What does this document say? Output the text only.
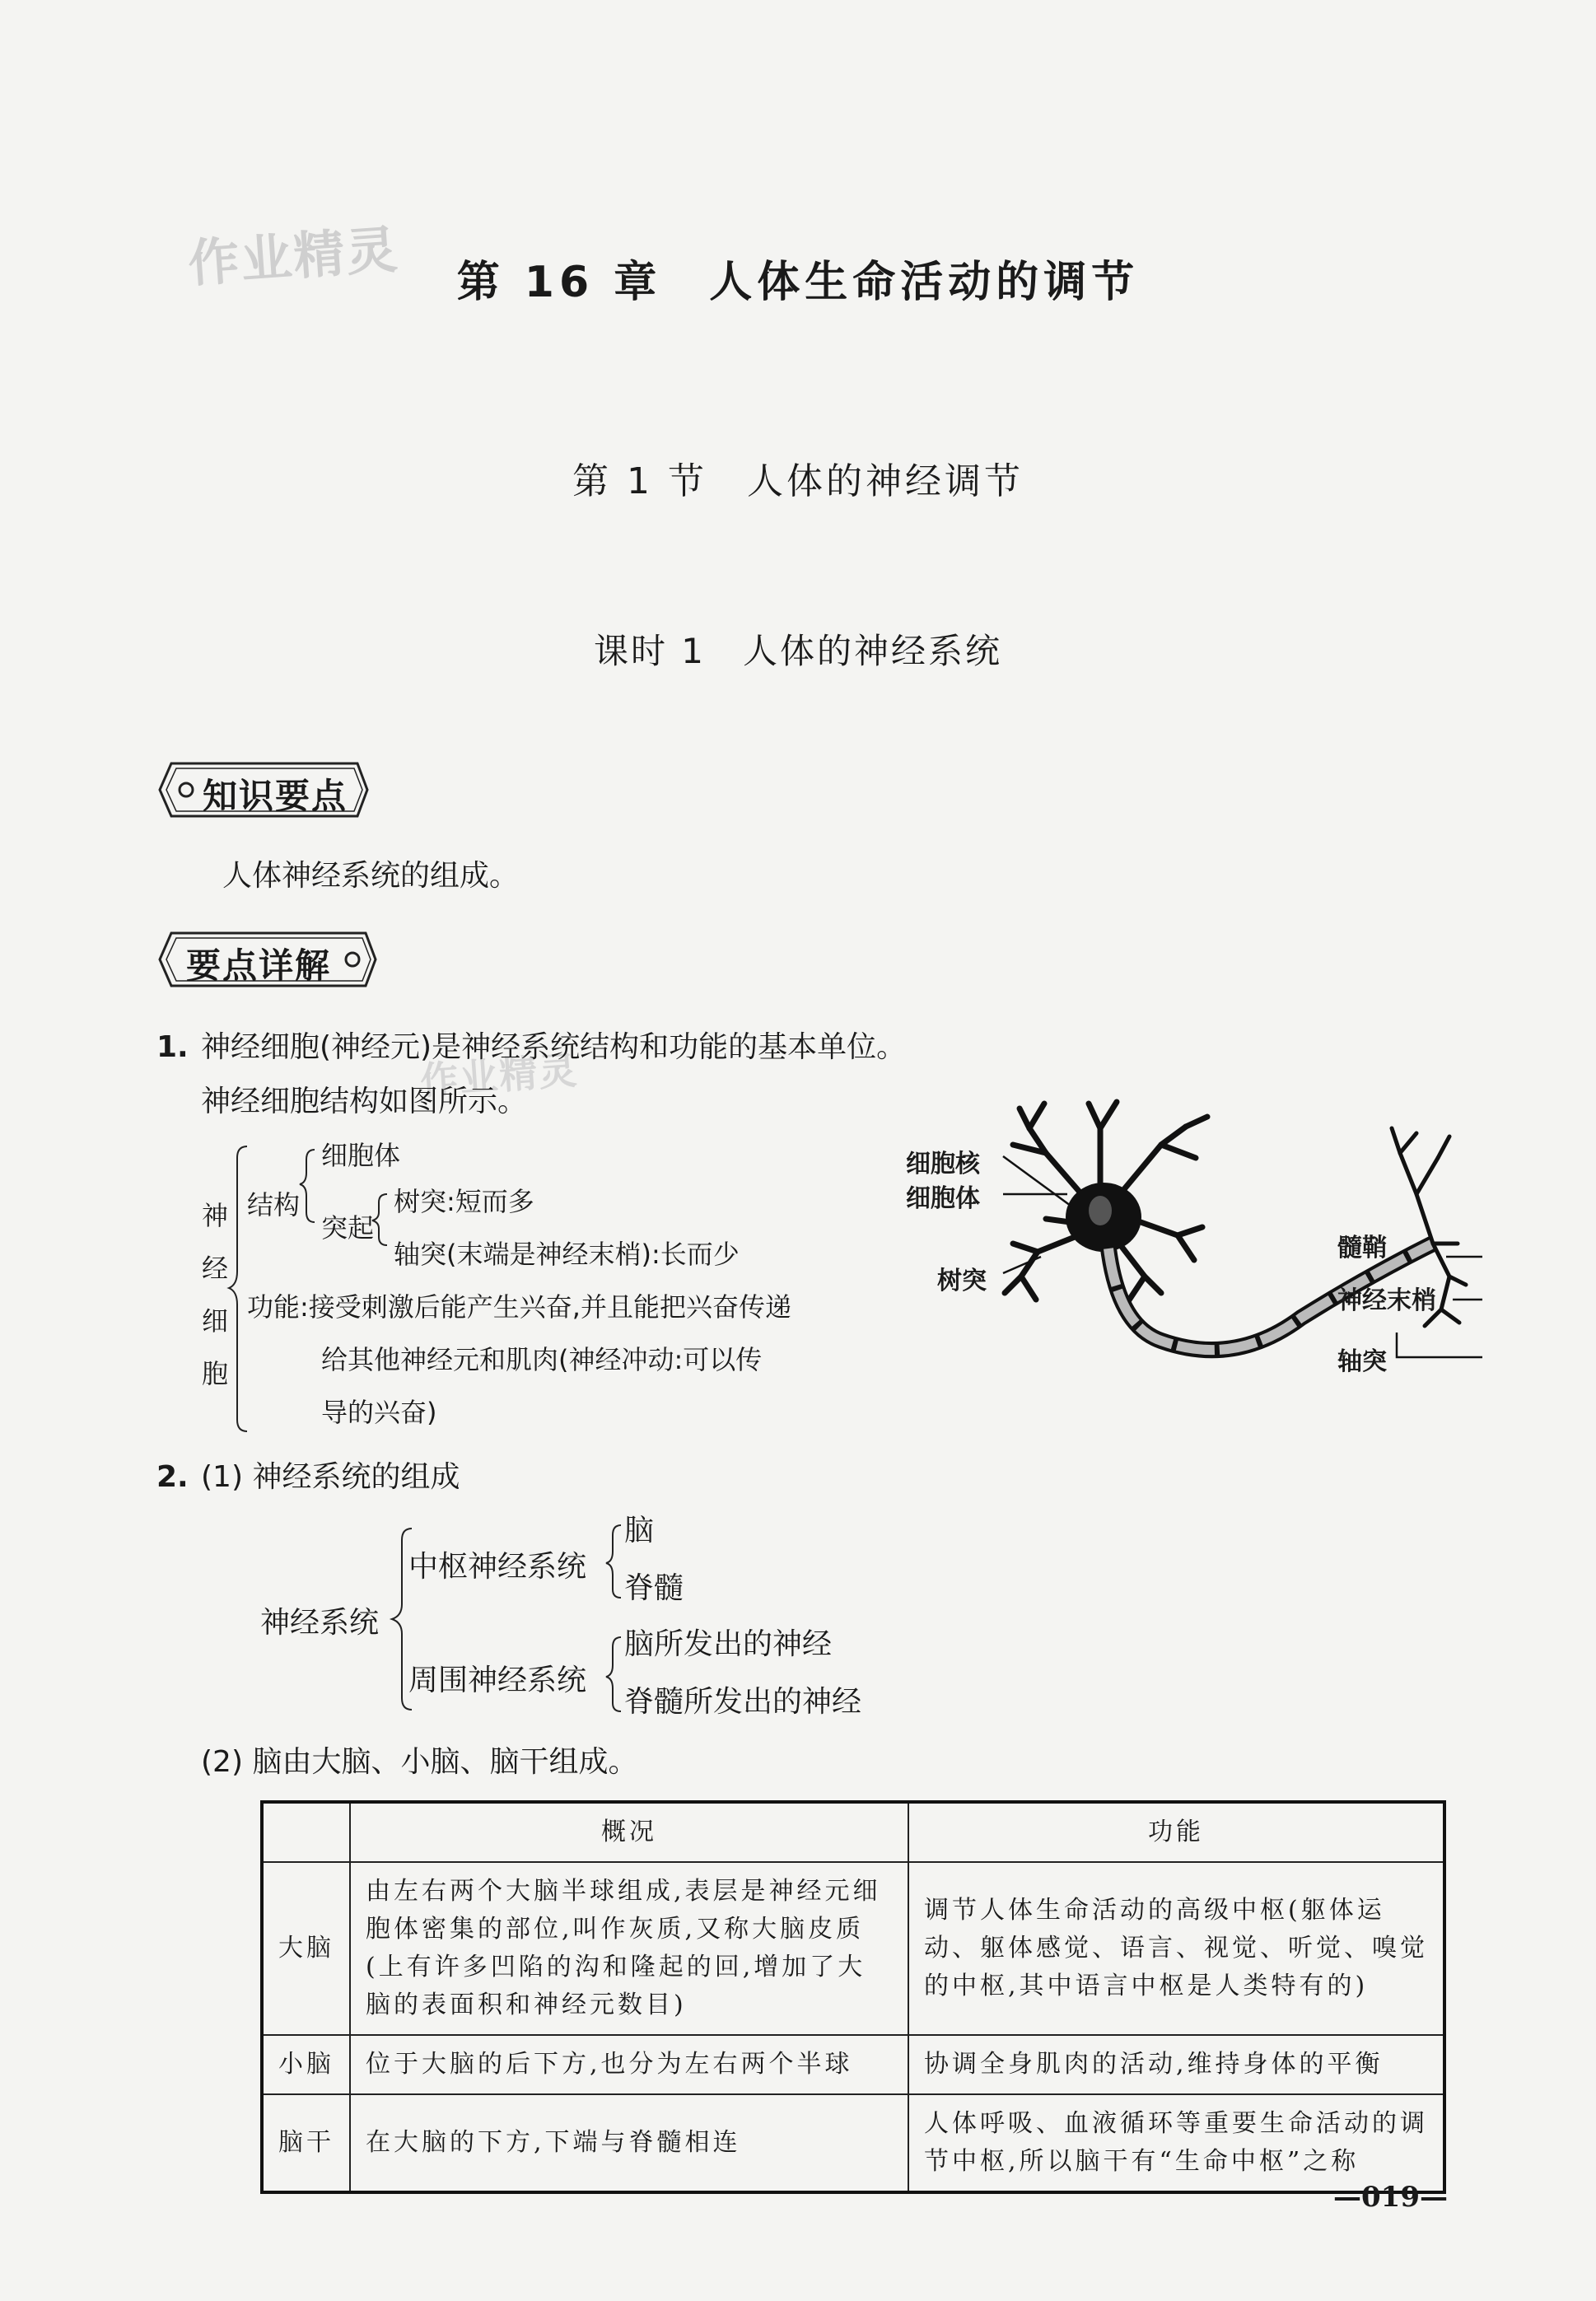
作业精灵
作业精灵
第 16 章　人体生命活动的调节
第 1 节　人体的神经调节
课时 1　人体的神经系统
知识要点
人体神经系统的组成。
要点详解
1. 神经细胞(神经元)是神经系统结构和功能的基本单位。
神经细胞结构如图所示。
神
经
细
胞
结构
细胞体
突起
树突:短而多
轴突(末端是神经末梢):长而少
功能:接受刺激后能产生兴奋,并且能把兴奋传递
给其他神经元和肌肉(神经冲动:可以传
导的兴奋)
细胞核
细胞体
树突
髓鞘
神经末梢
轴突
2. (1) 神经系统的组成
神经系统
中枢神经系统
脑
脊髓
周围神经系统
脑所发出的神经
脊髓所发出的神经
(2) 脑由大脑、小脑、脑干组成。
	概况	功能
大脑	由左右两个大脑半球组成,表层是神经元细胞体密集的部位,叫作灰质,又称大脑皮质(上有许多凹陷的沟和隆起的回,增加了大脑的表面积和神经元数目)	调节人体生命活动的高级中枢(躯体运动、躯体感觉、语言、视觉、听觉、嗅觉的中枢,其中语言中枢是人类特有的)
小脑	位于大脑的后下方,也分为左右两个半球	协调全身肌肉的活动,维持身体的平衡
脑干	在大脑的下方,下端与脊髓相连	人体呼吸、血液循环等重要生命活动的调节中枢,所以脑干有“生命中枢”之称
—019—
